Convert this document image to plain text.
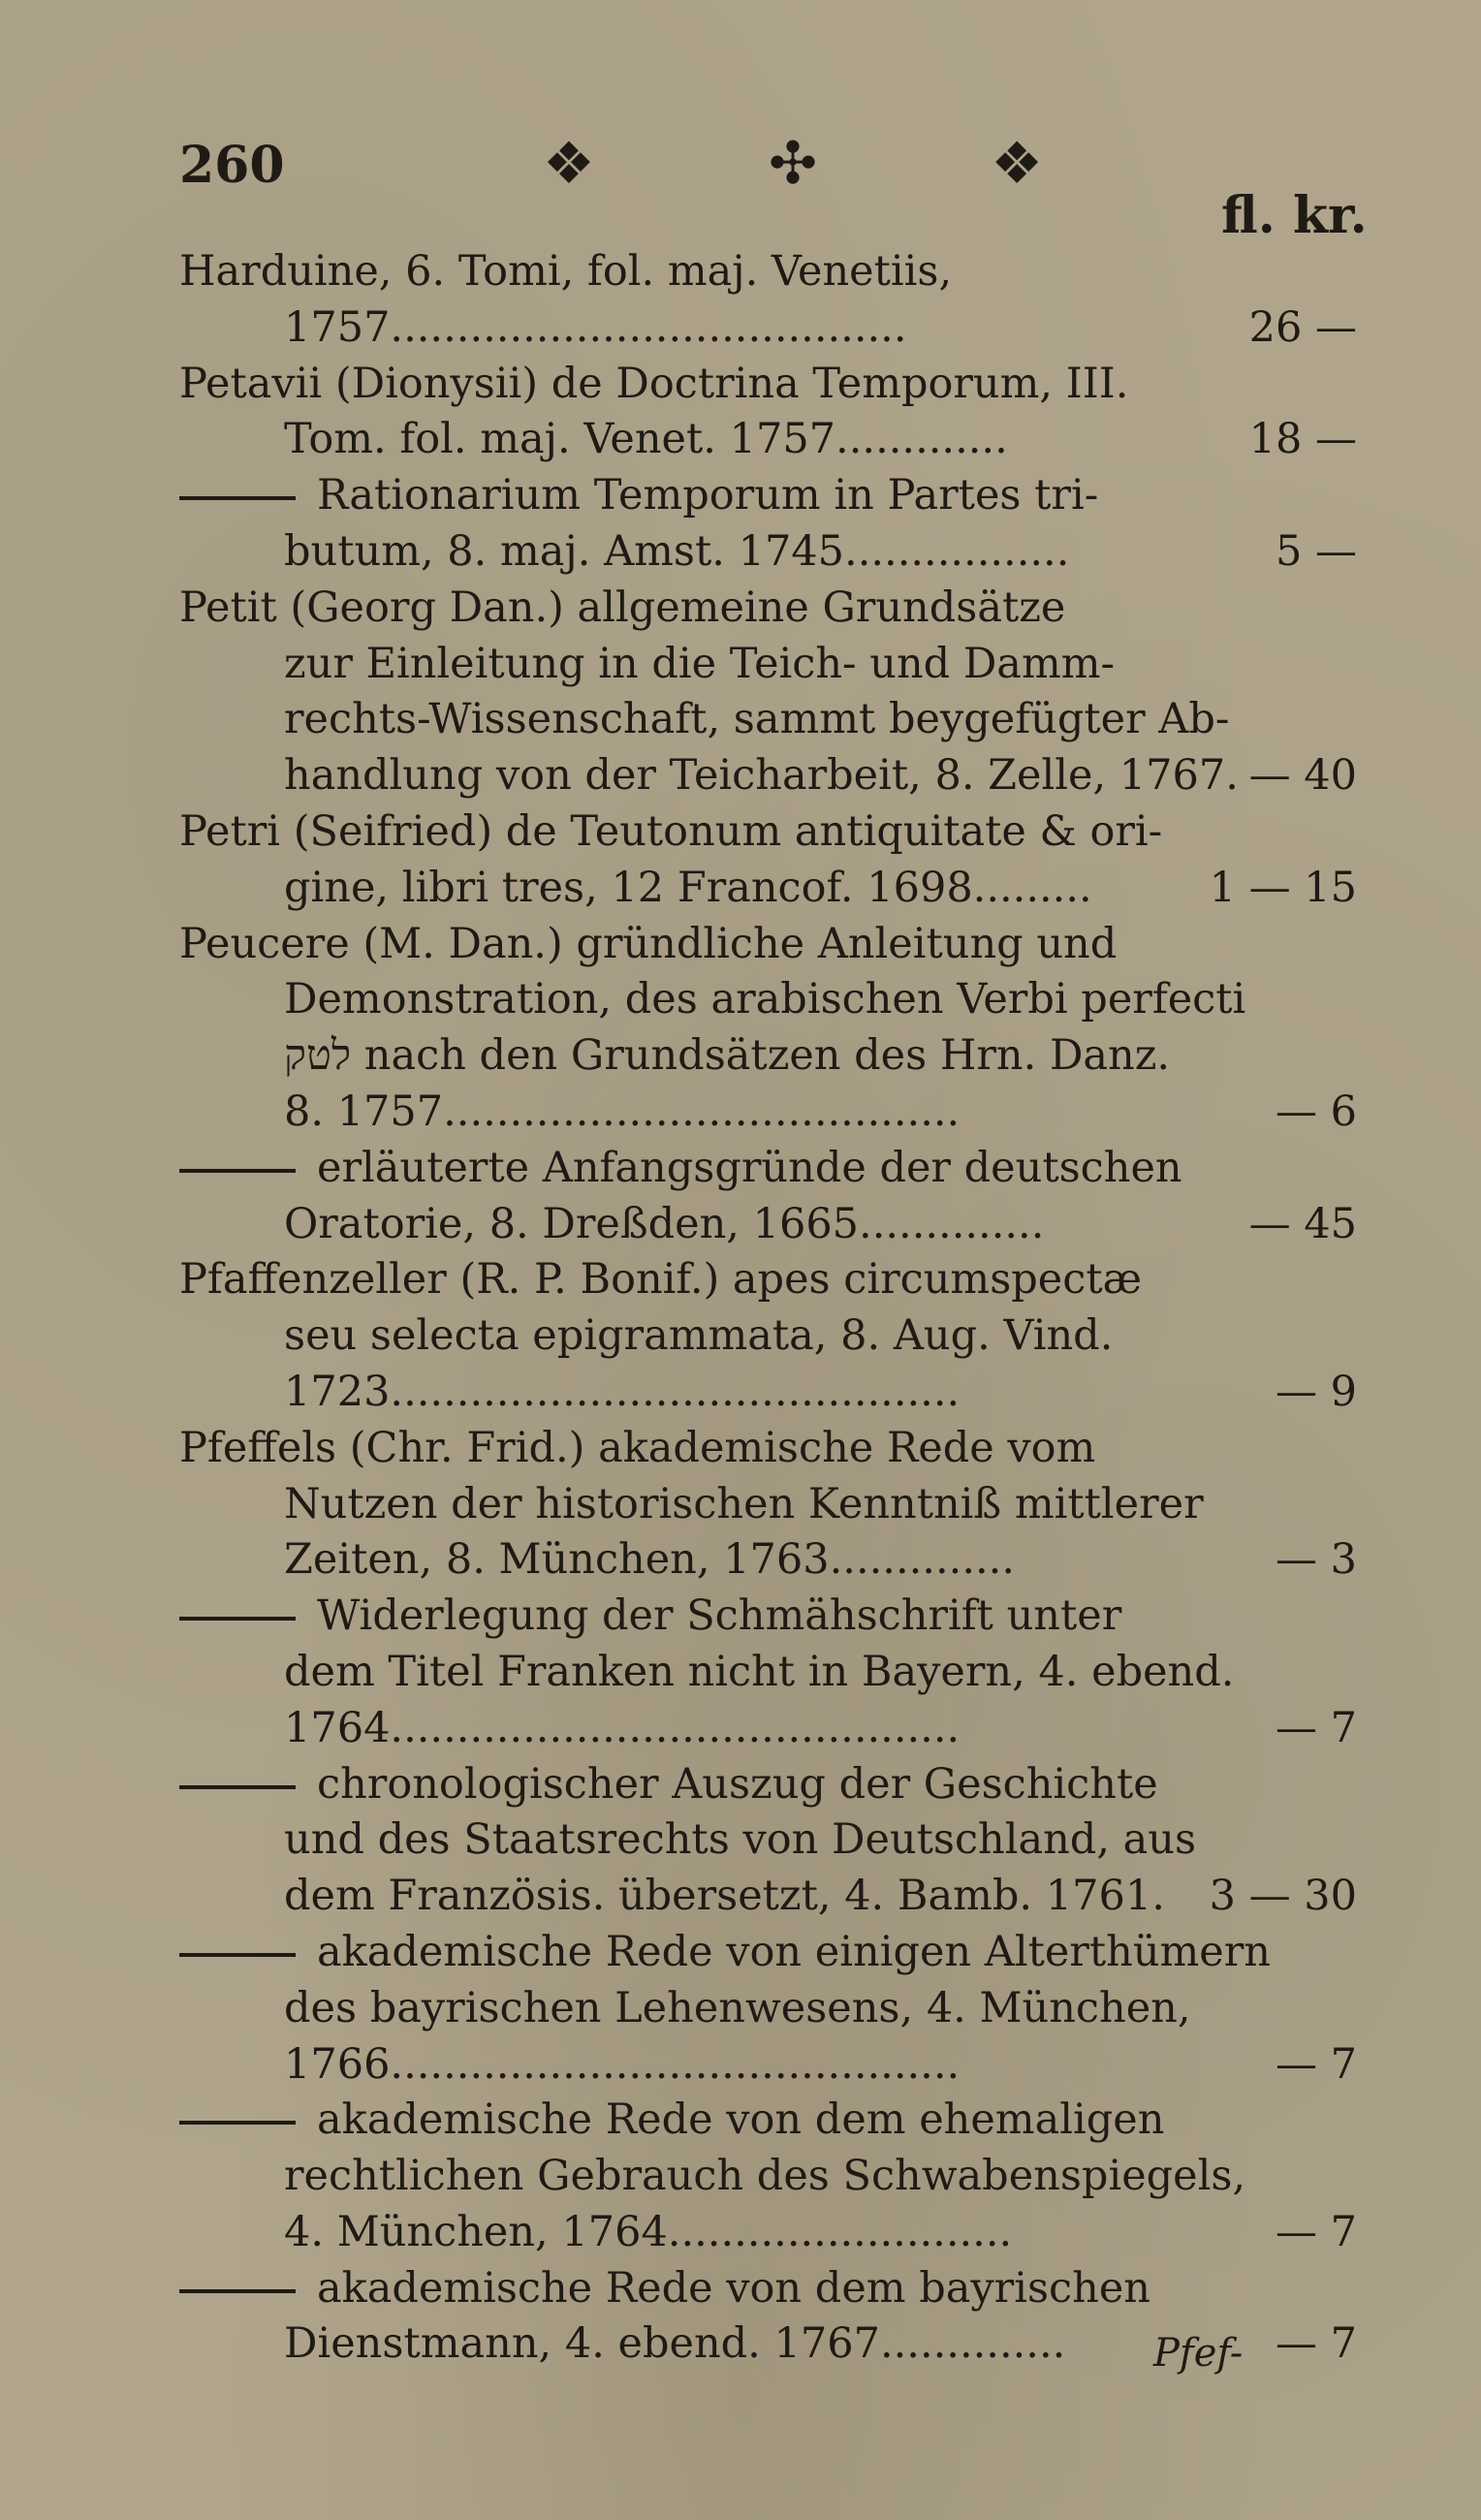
260	❖ ✣ ❖
fl. kr.
Harduine, 6. Tomi, fol. maj. Venetiis,
1757.......................................	26 —
Petavii (Dionysii) de Doctrina Temporum, III.
Tom. fol. maj. Venet. 1757.............	18 —
Rationarium Temporum in Partes tri-
butum, 8. maj. Amst. 1745.................	5 —
Petit (Georg Dan.) allgemeine Grundsätze
zur Einleitung in die Teich- und Damm-
rechts-Wissenschaft, sammt beygefügter Ab-
handlung von der Teicharbeit, 8. Zelle, 1767. — 40
Petri (Seifried) de Teutonum antiquitate & ori-
gine, libri tres, 12 Francof. 1698.........	1 — 15
Peucere (M. Dan.) gründliche Anleitung und
Demonstration, des arabischen Verbi perfecti
לטק nach den Grundsätzen des Hrn. Danz.
8. 1757.......................................	— 6
erläuterte Anfangsgründe der deutschen
Oratorie, 8. Dreßden, 1665..............	— 45
Pfaffenzeller (R. P. Bonif.) apes circumspectæ
seu selecta epigrammata, 8. Aug. Vind.
1723...........................................	— 9
Pfeffels (Chr. Frid.) akademische Rede vom
Nutzen der historischen Kenntniß mittlerer
Zeiten, 8. München, 1763..............	— 3
Widerlegung der Schmähschrift unter
dem Titel Franken nicht in Bayern, 4. ebend.
1764...........................................	— 7
chronologischer Auszug der Geschichte
und des Staatsrechts von Deutschland, aus
dem Französis. übersetzt, 4. Bamb. 1761. 3 — 30
akademische Rede von einigen Alterthümern
des bayrischen Lehenwesens, 4. München,
1766...........................................	— 7
akademische Rede von dem ehemaligen
rechtlichen Gebrauch des Schwabenspiegels,
4. München, 1764..........................	— 7
akademische Rede von dem bayrischen
Dienstmann, 4. ebend. 1767..............	— 7
Pfef-
